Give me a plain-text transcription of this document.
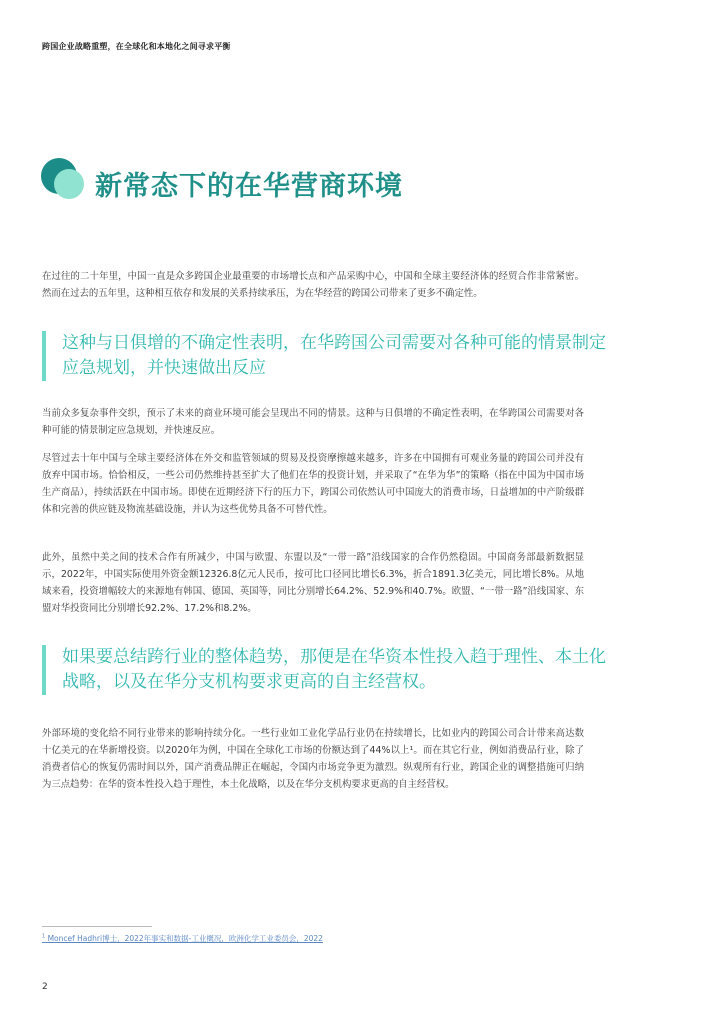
跨国企业战略重塑，在全球化和本地化之间寻求平衡
新常态下的在华营商环境

在过往的二十年里，中国一直是众多跨国企业最重要的市场增长点和产品采购中心，中国和全球主要经济体的经贸合作非常紧密。然而在过去的五年里，这种相互依存和发展的关系持续承压，为在华经营的跨国公司带来了更多不确定性。

这种与日俱增的不确定性表明，在华跨国公司需要对各种可能的情景制定应急规划，并快速做出反应

当前众多复杂事件交织，预示了未来的商业环境可能会呈现出不同的情景。这种与日俱增的不确定性表明，在华跨国公司需要对各种可能的情景制定应急规划，并快速反应。

尽管过去十年中国与全球主要经济体在外交和监管领域的贸易及投资摩擦越来越多，许多在中国拥有可观业务量的跨国公司并没有放弃中国市场。恰恰相反，一些公司仍然维持甚至扩大了他们在华的投资计划，并采取了“在华为华”的策略（指在中国为中国市场生产商品），持续活跃在中国市场。即使在近期经济下行的压力下，跨国公司依然认可中国庞大的消费市场，日益增加的中产阶级群体和完善的供应链及物流基础设施，并认为这些优势具备不可替代性。

此外，虽然中美之间的技术合作有所减少，中国与欧盟、东盟以及“一带一路”沿线国家的合作仍然稳固。中国商务部最新数据显示，2022年，中国实际使用外资金额12326.8亿元人民币，按可比口径同比增长6.3%，折合1891.3亿美元，同比增长8%。从地域来看，投资增幅较大的来源地有韩国、德国、英国等，同比分别增长64.2%、52.9%和40.7%。欧盟、“一带一路”沿线国家、东盟对华投资同比分别增长92.2%、17.2%和8.2%。

如果要总结跨行业的整体趋势，那便是在华资本性投入趋于理性、本土化战略，以及在华分支机构要求更高的自主经营权。

外部环境的变化给不同行业带来的影响持续分化。一些行业如工业化学品行业仍在持续增长，比如业内的跨国公司合计带来高达数十亿美元的在华新增投资。以2020年为例，中国在全球化工市场的份额达到了44%以上¹。而在其它行业，例如消费品行业，除了消费者信心的恢复仍需时间以外，国产消费品牌正在崛起，令国内市场竞争更为激烈。纵观所有行业，跨国企业的调整措施可归纳为三点趋势：在华的资本性投入趋于理性，本土化战略，以及在华分支机构要求更高的自主经营权。

$^1$ Moncef Hadhri博士，2022年事实和数据-工业概况，欧洲化学工业委员会，2022
2
